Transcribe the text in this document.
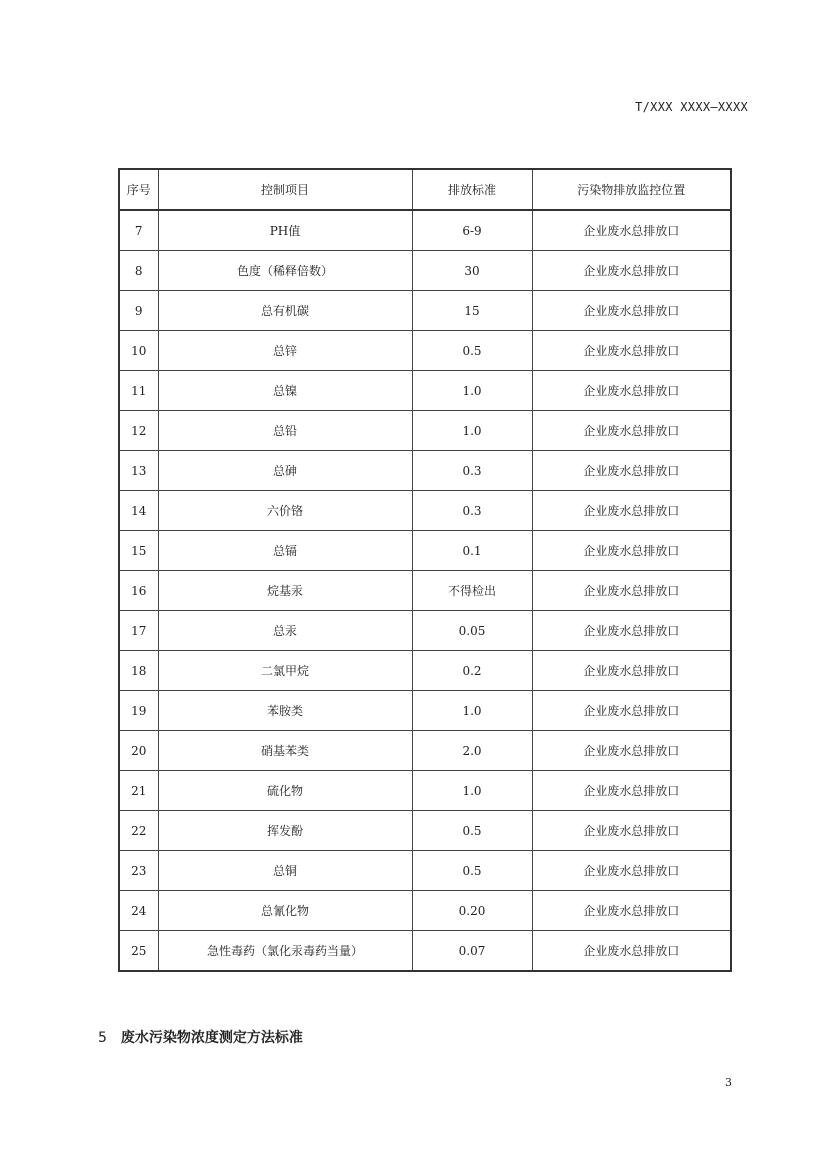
T/XXX XXXX—XXXX
序号	控制项目	排放标准	污染物排放监控位置
7	PH值	6-9	企业废水总排放口
8	色度（稀释倍数）	30	企业废水总排放口
9	总有机碳	15	企业废水总排放口
10	总锌	0.5	企业废水总排放口
11	总镍	1.0	企业废水总排放口
12	总铅	1.0	企业废水总排放口
13	总砷	0.3	企业废水总排放口
14	六价铬	0.3	企业废水总排放口
15	总镉	0.1	企业废水总排放口
16	烷基汞	不得检出	企业废水总排放口
17	总汞	0.05	企业废水总排放口
18	二氯甲烷	0.2	企业废水总排放口
19	苯胺类	1.0	企业废水总排放口
20	硝基苯类	2.0	企业废水总排放口
21	硫化物	1.0	企业废水总排放口
22	挥发酚	0.5	企业废水总排放口
23	总铜	0.5	企业废水总排放口
24	总氰化物	0.20	企业废水总排放口
25	急性毒药（氯化汞毒药当量）	0.07	企业废水总排放口
5 废水污染物浓度测定方法标准
3
